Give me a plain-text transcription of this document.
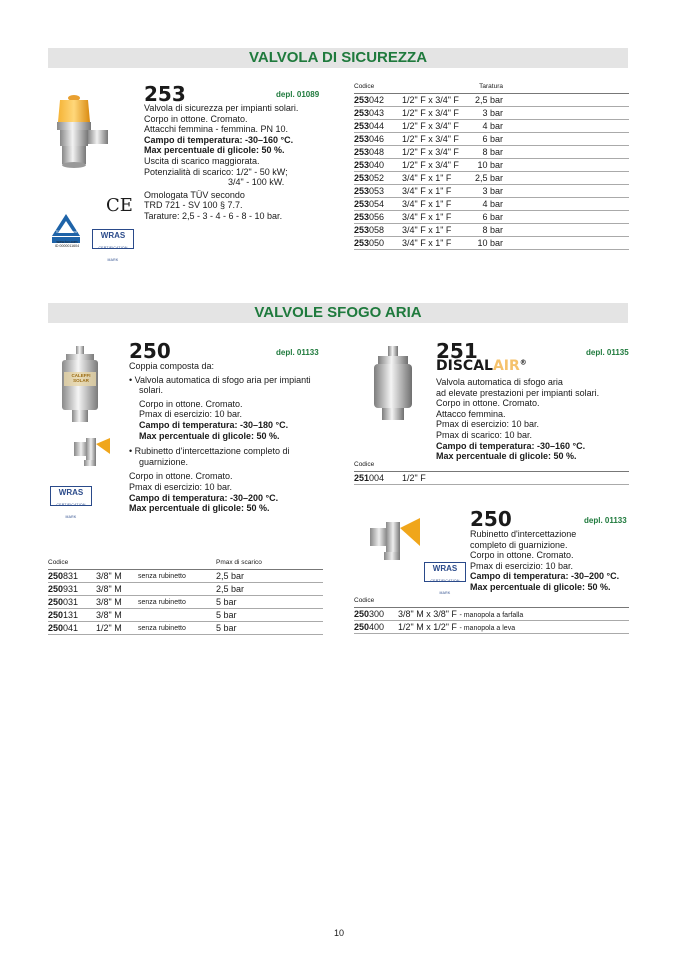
VALVOLA DI SICUREZZA
www.tuv.com
ID 0000011604
TÜV Rheinland	WRAS
CERTIFICATION MARK
CE
253	depl. 01089
Valvola di sicurezza per impianti solari.
Corpo in ottone. Cromato.
Attacchi femmina - femmina. PN 10.
Campo di temperatura: -30–160 °C.
Max percentuale di glicole: 50 %.
Uscita di scarico maggiorata.
Potenzialità di scarico: 1/2" - 50 kW;
3/4" - 100 kW.
Omologata TÜV secondo
TRD 721 - SV 100 § 7.7.
Tarature: 2,5 - 3 - 4 - 6 - 8 - 10 bar.
Codice		Taratura
253042	1/2" F x 3/4" F	2,5 bar
253043	1/2" F x 3/4" F	3 bar
253044	1/2" F x 3/4" F	4 bar
253046	1/2" F x 3/4" F	6 bar
253048	1/2" F x 3/4" F	8 bar
253040	1/2" F x 3/4" F	10 bar
253052	3/4" F x 1" F	2,5 bar
253053	3/4" F x 1" F	3 bar
253054	3/4" F x 1" F	4 bar
253056	3/4" F x 1" F	6 bar
253058	3/4" F x 1" F	8 bar
253050	3/4" F x 1" F	10 bar
VALVOLE SFOGO ARIA
CALEFFI SOLAR
WRAS
CERTIFICATION MARK
250	depl. 01133
Coppia composta da:
• Valvola automatica di sfogo aria per impianti solari.
Corpo in ottone. Cromato.
Pmax di esercizio: 10 bar.
Campo di temperatura: -30–180 °C.
Max percentuale di glicole: 50 %.
• Rubinetto d'intercettazione completo di guarnizione.
Corpo in ottone. Cromato.
Pmax di esercizio: 10 bar.
Campo di temperatura: -30–200 °C.
Max percentuale di glicole: 50 %.
Codice			Pmax di scarico
250831	3/8" M	senza rubinetto	2,5 bar
250931	3/8" M		2,5 bar
250031	3/8" M	senza rubinetto	5 bar
250131	3/8" M		5 bar
250041	1/2" M	senza rubinetto	5 bar
251	depl. 01135
DISCALAIR®
Valvola automatica di sfogo aria
ad elevate prestazioni per impianti solari.
Corpo in ottone. Cromato.
Attacco femmina.
Pmax di esercizio: 10 bar.
Pmax di scarico: 10 bar.
Campo di temperatura: -30–160 °C.
Max percentuale di glicole: 50 %.
Codice
251004	1/2" F
WRAS
CERTIFICATION MARK
250	depl. 01133
Rubinetto d'intercettazione
completo di guarnizione.
Corpo in ottone. Cromato.
Pmax di esercizio: 10 bar.
Campo di temperatura: -30–200 °C.
Max percentuale di glicole: 50 %.
Codice	
250300	3/8" M x 3/8" F - manopola a farfalla
250400	1/2" M x 1/2" F - manopola a leva
10
